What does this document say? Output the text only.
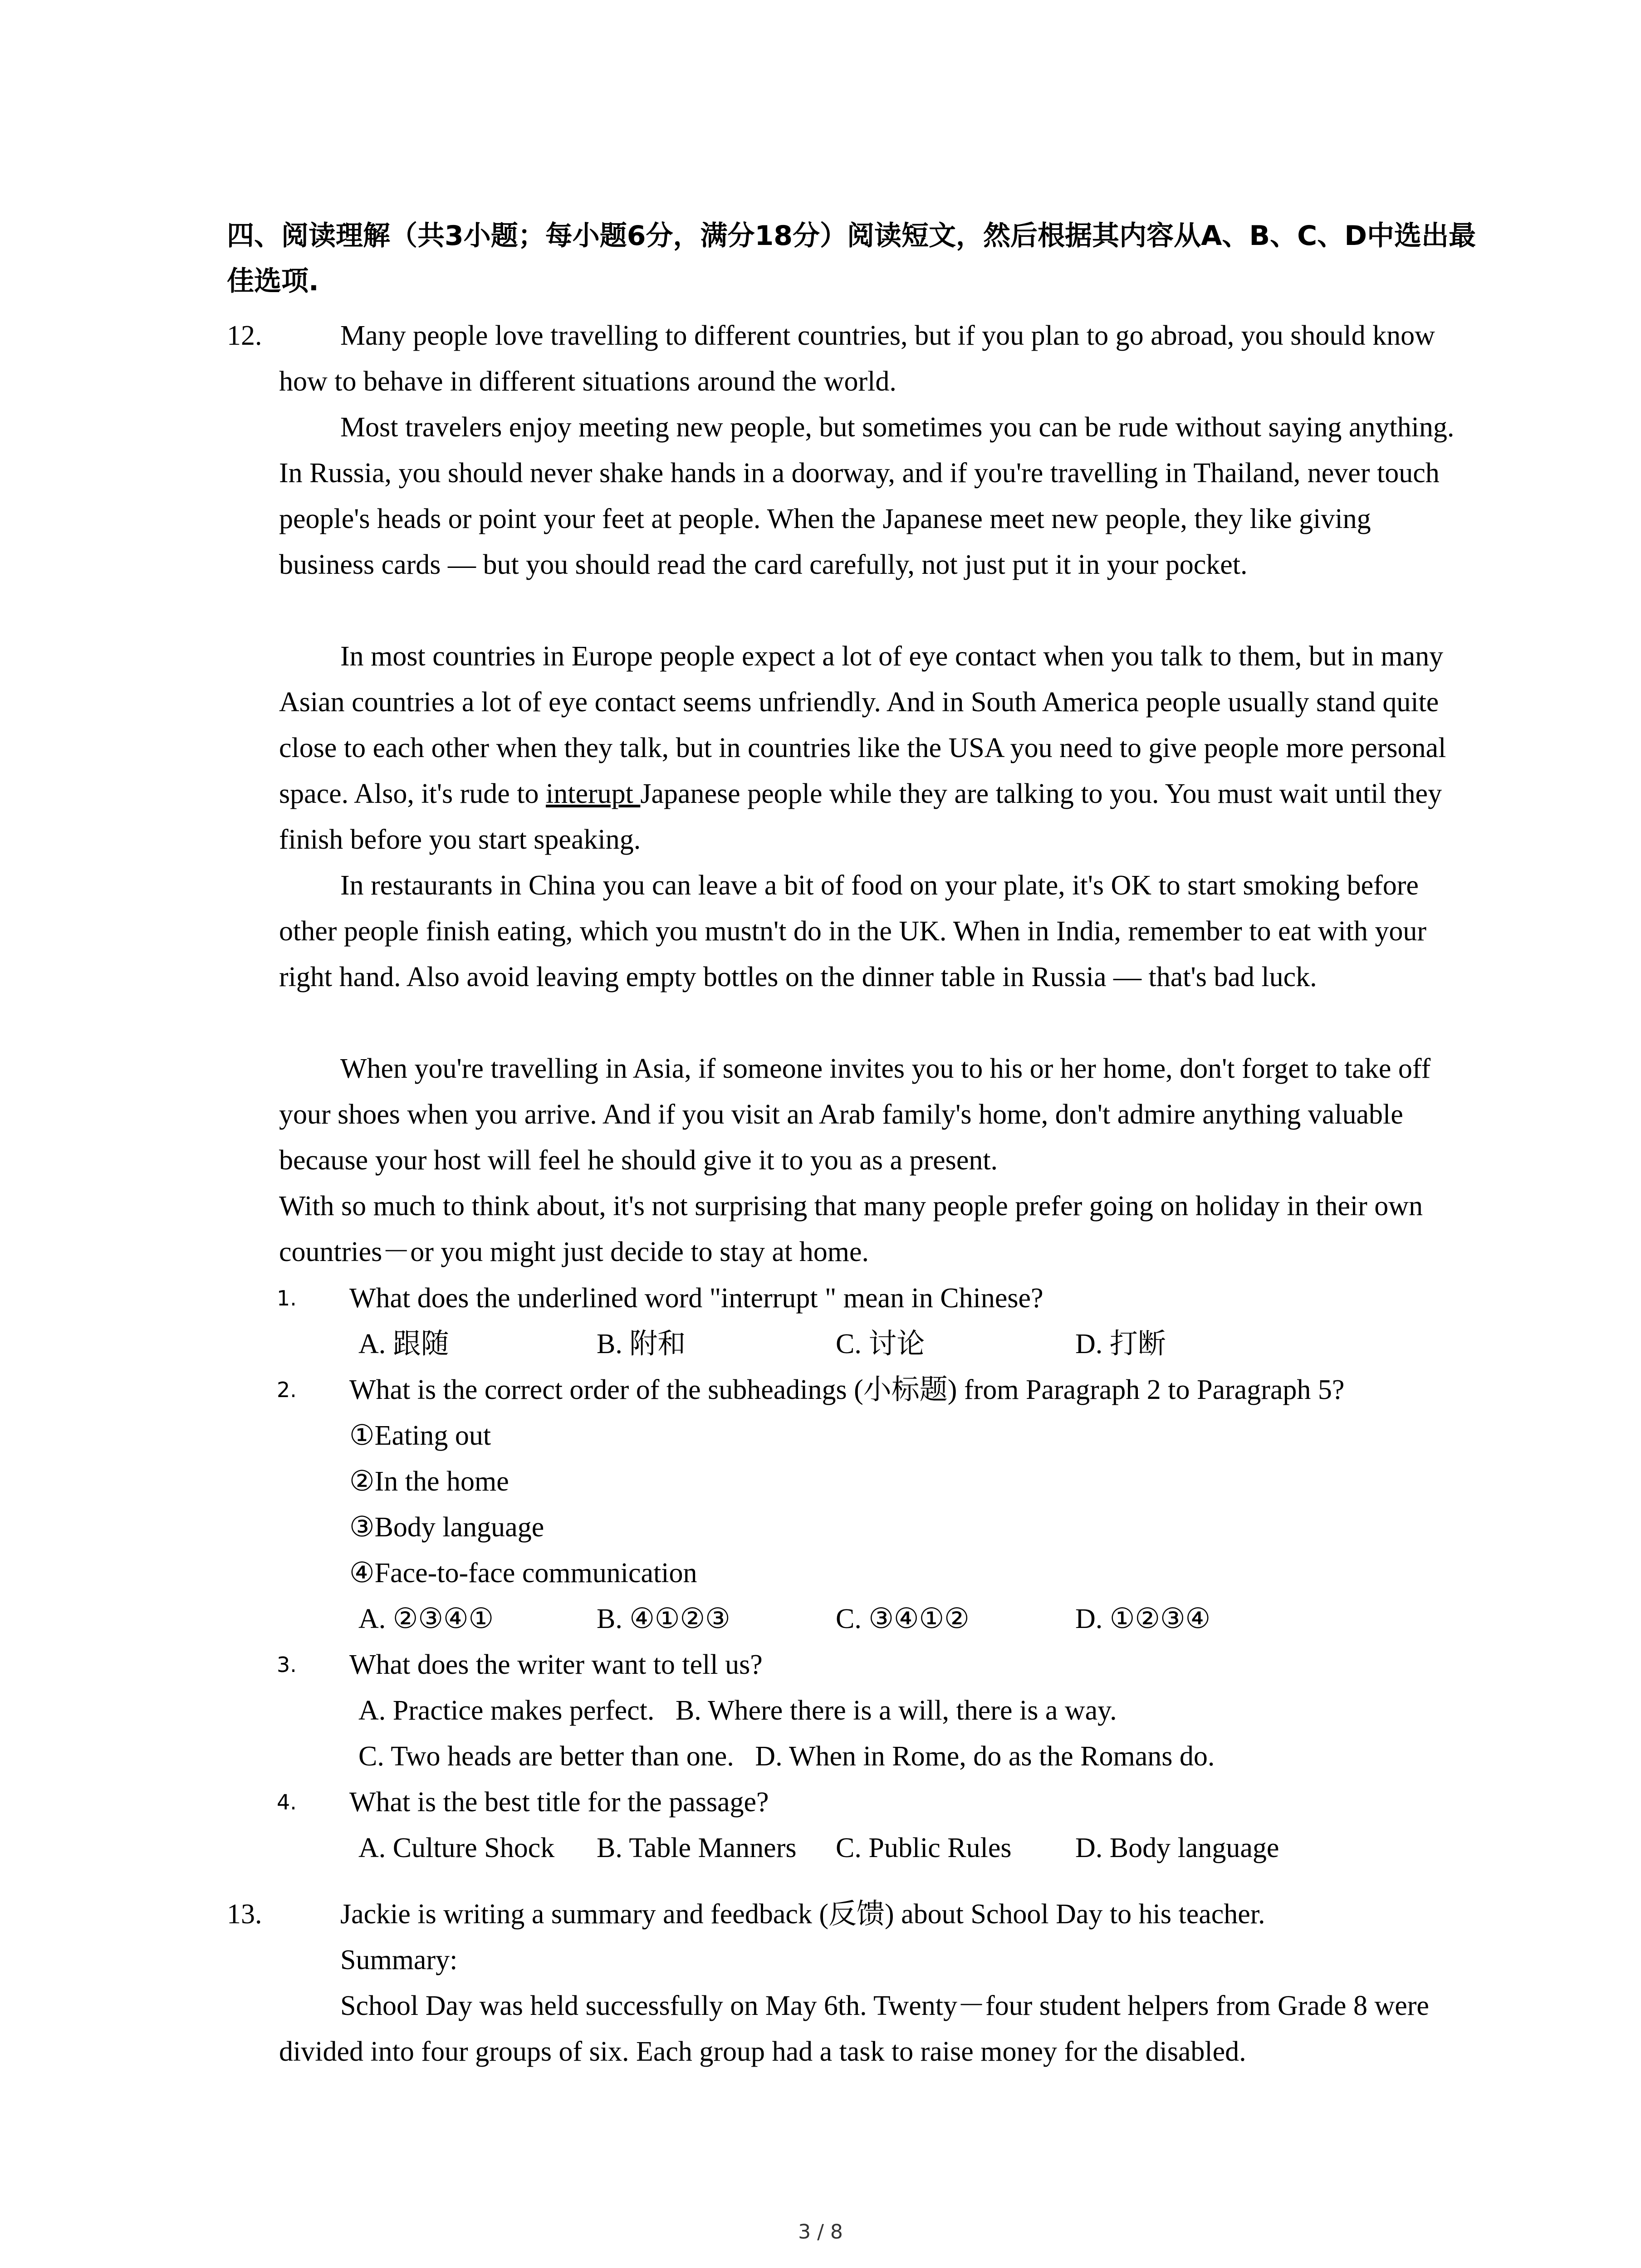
四、阅读理解（共3小题；每小题6分，满分18分）阅读短文，然后根据其内容从A、B、C、D中选出最佳选项.
12.	Many people love travelling to different countries, but if you plan to go abroad, you should know how to behave in different situations around the world.
Most travelers enjoy meeting new people, but sometimes you can be rude without saying anything. In Russia, you should never shake hands in a doorway, and if you're travelling in Thailand, never touch people's heads or point your feet at people. When the Japanese meet new people, they like giving business cards — but you should read the card carefully, not just put it in your pocket.
In most countries in Europe people expect a lot of eye contact when you talk to them, but in many Asian countries a lot of eye contact seems unfriendly. And in South America people usually stand quite close to each other when they talk, but in countries like the USA you need to give people more personal space. Also, it's rude to interupt Japanese people while they are talking to you. You must wait until they finish before you start speaking.
In restaurants in China you can leave a bit of food on your plate, it's OK to start smoking before other people finish eating, which you mustn't do in the UK. When in India, remember to eat with your right hand. Also avoid leaving empty bottles on the dinner table in Russia — that's bad luck.
When you're travelling in Asia, if someone invites you to his or her home, don't forget to take off your shoes when you arrive. And if you visit an Arab family's home, don't admire anything valuable because your host will feel he should give it to you as a present.
With so much to think about, it's not surprising that many people prefer going on holiday in their own countries－or you might just decide to stay at home.
1. What does the underlined word "interrupt " mean in Chinese?
A. 跟随	B. 附和	C. 讨论	D. 打断
2. What is the correct order of the subheadings (小标题) from Paragraph 2 to Paragraph 5?
①Eating out
②In the home
③Body language
④Face-to-face communication
A. ②③④①	B. ④①②③	C. ③④①②	D. ①②③④
3. What does the writer want to tell us?
A. Practice makes perfect.   B. Where there is a will, there is a way.
C. Two heads are better than one.   D. When in Rome, do as the Romans do.
4. What is the best title for the passage?
A. Culture Shock B. Table Manners C. Public Rules D. Body language
13.	Jackie is writing a summary and feedback (反馈) about School Day to his teacher.
Summary:
School Day was held successfully on May 6th. Twenty－four student helpers from Grade 8 were divided into four groups of six. Each group had a task to raise money for the disabled.
3 / 8
